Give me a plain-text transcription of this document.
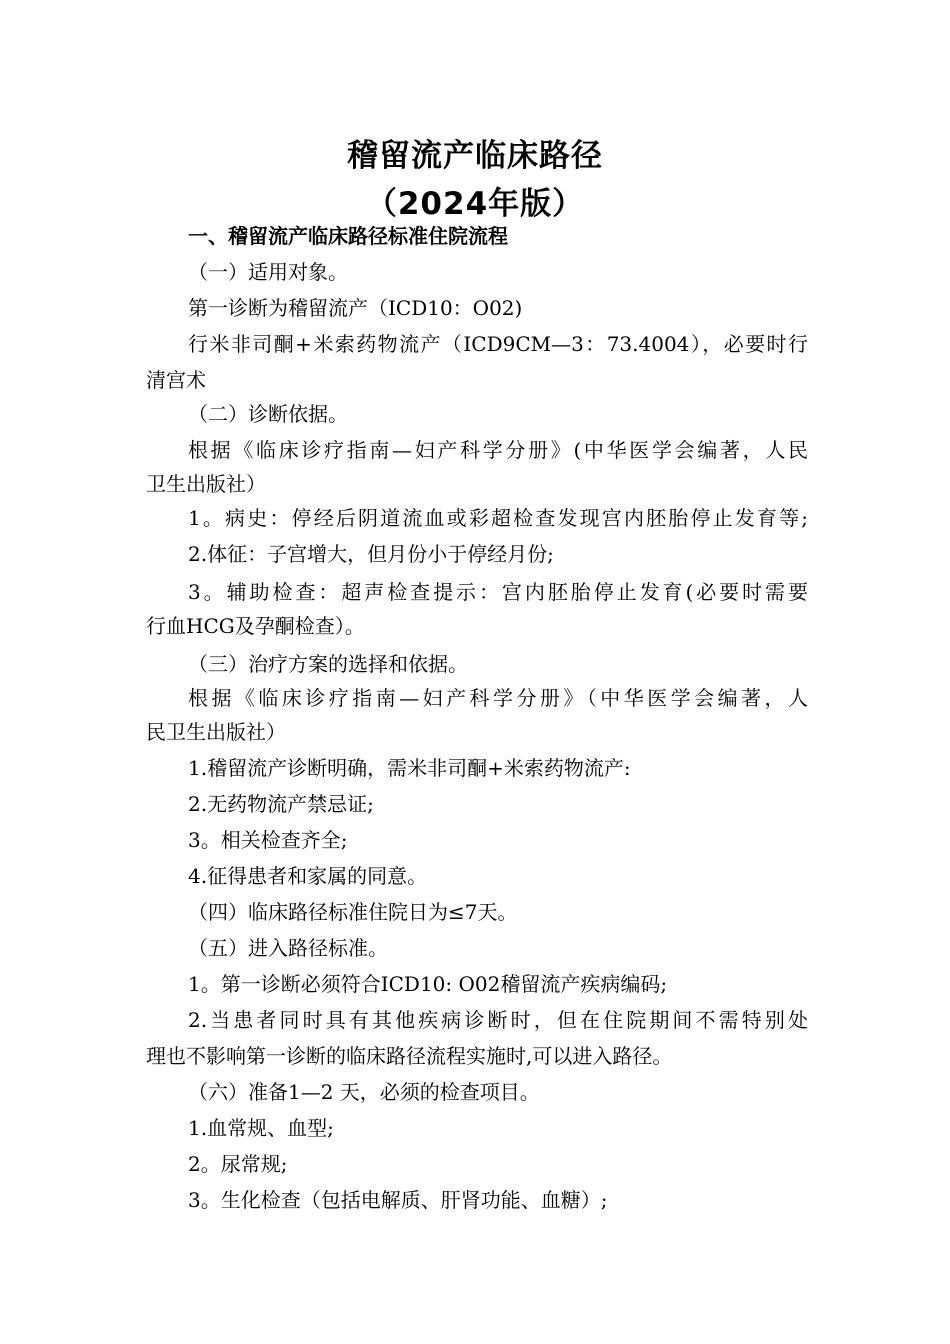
稽留流产临床路径
（2024年版）
一、稽留流产临床路径标准住院流程
（一）适用对象。
第一诊断为稽留流产（ICD10：O02)
行米非司酮+米索药物流产（ICD9CM—3：73.4004），必要时行
清宫术
（二）诊断依据。
根据《临床诊疗指南—妇产科学分册》(中华医学会编著，人民
卫生出版社）
1。病史：停经后阴道流血或彩超检查发现宫内胚胎停止发育等;
2.体征：子宫增大，但月份小于停经月份;
3。辅助检查：超声检查提示：宫内胚胎停止发育(必要时需要
行血HCG及孕酮检查）。
（三）治疗方案的选择和依据。
根据《临床诊疗指南—妇产科学分册》（中华医学会编著，人
民卫生出版社）
1.稽留流产诊断明确，需米非司酮+米索药物流产:
2.无药物流产禁忌证;
3。相关检查齐全;
4.征得患者和家属的同意。
（四）临床路径标准住院日为≤7天。
（五）进入路径标准。
1。第一诊断必须符合ICD10: O02稽留流产疾病编码;
2.当患者同时具有其他疾病诊断时，但在住院期间不需特别处
理也不影响第一诊断的临床路径流程实施时,可以进入路径。
（六）准备1—2 天，必须的检查项目。
1.血常规、血型;
2。尿常规;
3。生化检查（包括电解质、肝肾功能、血糖）;
